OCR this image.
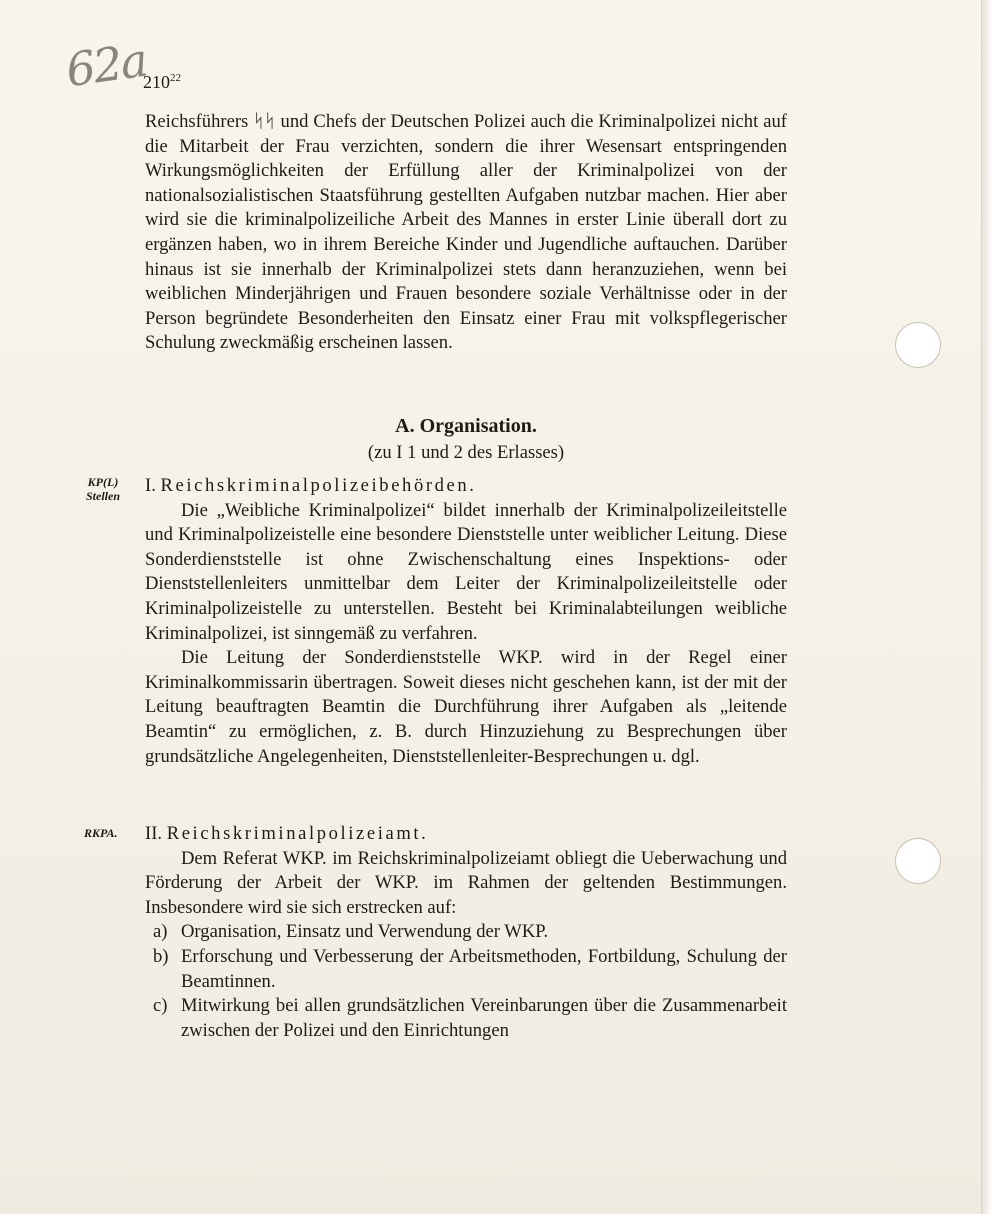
62a
$210^{22}$

Reichsführers ᛋᛋ und Chefs der Deutschen Polizei auch die Kriminalpolizei nicht auf die Mitarbeit der Frau verzichten, sondern die ihrer Wesensart entspringenden Wirkungsmöglichkeiten der Erfüllung aller der Kriminalpolizei von der nationalsozialistischen Staatsführung gestellten Aufgaben nutzbar machen. Hier aber wird sie die kriminalpolizeiliche Arbeit des Mannes in erster Linie überall dort zu ergänzen haben, wo in ihrem Bereiche Kinder und Jugendliche auftauchen. Darüber hinaus ist sie innerhalb der Kriminalpolizei stets dann heranzuziehen, wenn bei weiblichen Minderjährigen und Frauen besondere soziale Verhältnisse oder in der Person begründete Besonderheiten den Einsatz einer Frau mit volkspflegerischer Schulung zweckmäßig erscheinen lassen.

A. Organisation.
(zu I 1 und 2 des Erlasses)
KP(L)
Stellen I. Reichskriminalpolizeibehörden.

Die „Weibliche Kriminalpolizei“ bildet innerhalb der Kriminalpolizeileitstelle und Kriminalpolizeistelle eine besondere Dienststelle unter weiblicher Leitung. Diese Sonderdienststelle ist ohne Zwischenschaltung eines Inspektions- oder Dienststellenleiters unmittelbar dem Leiter der Kriminalpolizeileitstelle oder Kriminalpolizeistelle zu unterstellen. Besteht bei Kriminalabteilungen weibliche Kriminalpolizei, ist sinngemäß zu verfahren.

Die Leitung der Sonderdienststelle WKP. wird in der Regel einer Kriminalkommissarin übertragen. Soweit dieses nicht geschehen kann, ist der mit der Leitung beauftragten Beamtin die Durchführung ihrer Aufgaben als „leitende Beamtin“ zu ermöglichen, z. B. durch Hinzuziehung zu Besprechungen über grundsätzliche Angelegenheiten, Dienststellenleiter-Besprechungen u. dgl.

RKPA. II. Reichskriminalpolizeiamt.

Dem Referat WKP. im Reichskriminalpolizeiamt obliegt die Ueberwachung und Förderung der Arbeit der WKP. im Rahmen der geltenden Bestimmungen. Insbesondere wird sie sich erstrecken auf:

a) Organisation, Einsatz und Verwendung der WKP.
b) Erforschung und Verbesserung der Arbeitsmethoden, Fortbildung, Schulung der Beamtinnen.
c) Mitwirkung bei allen grundsätzlichen Vereinbarungen über die Zusammenarbeit zwischen der Polizei und den Einrichtungen
